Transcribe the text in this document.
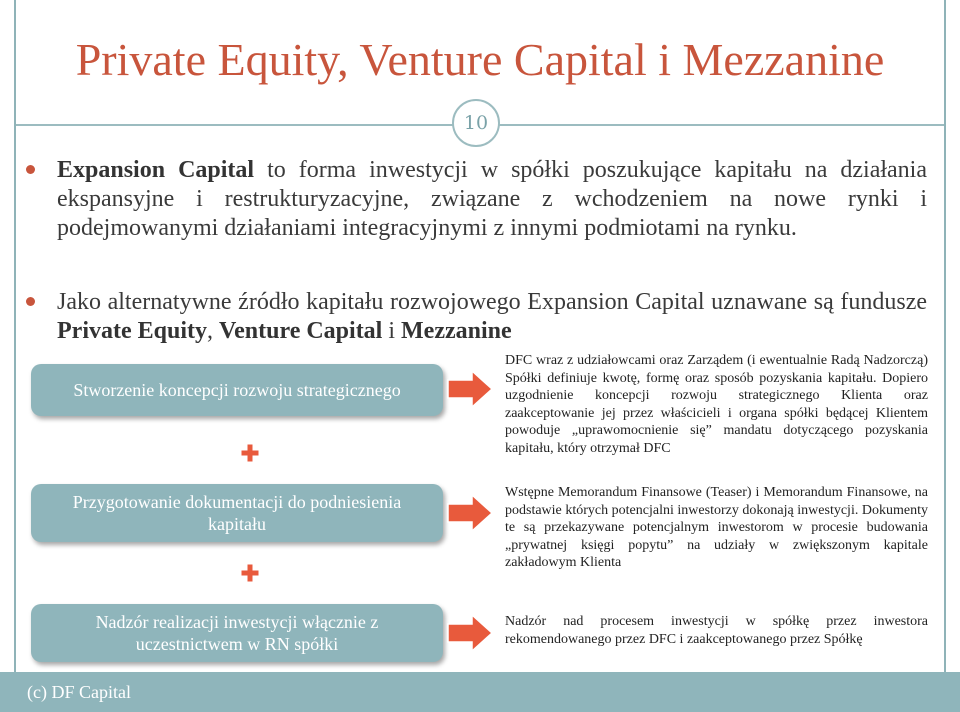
Private Equity, Venture Capital i Mezzanine
10
Expansion Capital to forma inwestycji w spółki poszukujące kapitału na działania ekspansyjne i restrukturyzacyjne, związane z wchodzeniem na nowe rynki i podejmowanymi działaniami integracyjnymi z innymi podmiotami na rynku.
Jako alternatywne źródło kapitału rozwojowego Expansion Capital uznawane są fundusze Private Equity, Venture Capital i Mezzanine
Stworzenie koncepcji rozwoju strategicznego
DFC wraz z udziałowcami oraz Zarządem (i ewentualnie Radą Nadzorczą) Spółki definiuje kwotę, formę oraz sposób pozyskania kapitału. Dopiero uzgodnienie koncepcji rozwoju strategicznego Klienta oraz zaakceptowanie jej przez właścicieli i organa spółki będącej Klientem powoduje „uprawomocnienie się” mandatu dotyczącego pozyskania kapitału, który otrzymał DFC
Przygotowanie dokumentacji do podniesienia kapitału
Wstępne Memorandum Finansowe (Teaser) i Memorandum Finansowe, na podstawie których potencjalni inwestorzy dokonają inwestycji. Dokumenty te są przekazywane potencjalnym inwestorom w procesie budowania „prywatnej księgi popytu” na udziały w zwiększonym kapitale zakładowym Klienta
Nadzór realizacji inwestycji włącznie z uczestnictwem w RN spółki
Nadzór nad procesem inwestycji w spółkę przez inwestora rekomendowanego przez DFC i zaakceptowanego przez Spółkę
(c) DF Capital
